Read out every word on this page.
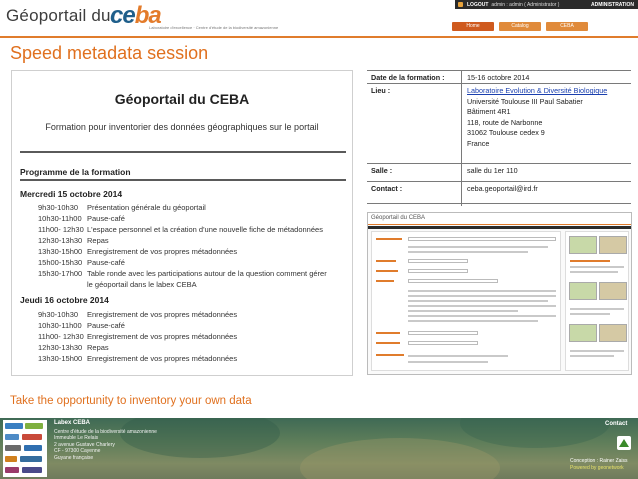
Géoportail du ceba
Laboratoire d'excellence · Centre d'étude de la biodiversité amazonienne
LOGOUT admin : admin ( Administrator )	ADMINISTRATION
Home	Catalog	CEBA
Speed metadata session
Géoportail du CEBA
Formation pour inventorier des données géographiques sur le portail
Programme de la formation
Mercredi 15 octobre 2014
9h30-10h30	Présentation générale du géoportail
10h30-11h00 Pause-café
11h00- 12h30 L'espace personnel et la création d'une nouvelle fiche de métadonnées
12h30-13h30 Repas
13h30-15h00 Enregistrement de vos propres métadonnées
15h00-15h30 Pause-café
15h30-17h00 Table ronde avec les participations autour de la question comment gérer
le géoportail dans le labex CEBA
Jeudi 16 octobre 2014
9h30-10h30	Enregistrement de vos propres métadonnées
10h30-11h00 Pause-café
11h00- 12h30 Enregistrement de vos propres métadonnées
12h30-13h30 Repas
13h30-15h00 Enregistrement de vos propres métadonnées
Date de la formation :	15-16 octobre 2014
Lieu :	Laboratoire Evolution & Diversité Biologique
Université Toulouse III Paul Sabatier
Bâtiment 4R1
118, route de Narbonne
31062 Toulouse cedex 9
France
Salle :	salle du 1er 110
Contact :	ceba.geoportail@ird.fr
Géoportail du CEBA
Take the opportunity to inventory your own data
Labex CEBA
Centre d'étude de la biodiversité amazonienne
Immeuble Le Relais
2 avenue Gustave Charlery
CF - 97300 Cayenne
Guyane française
Contact
Conception : Rainer Zaiss
Powered by geonetwork
